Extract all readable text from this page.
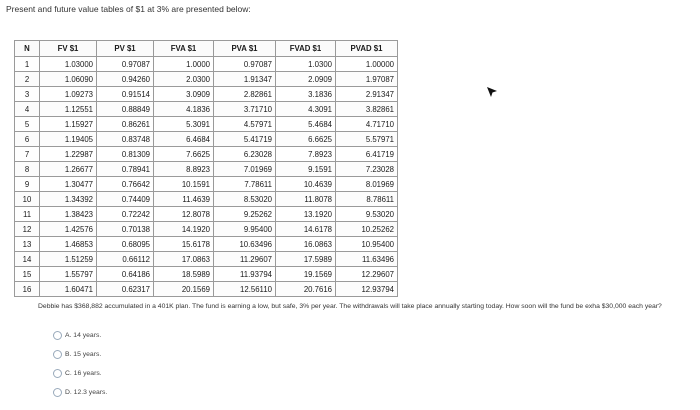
Present and future value tables of $1 at 3% are presented below:
N	FV $1	PV $1	FVA $1	PVA $1	FVAD $1	PVAD $1
1	1.03000	0.97087	1.0000	0.97087	1.0300	1.00000
2	1.06090	0.94260	2.0300	1.91347	2.0909	1.97087
3	1.09273	0.91514	3.0909	2.82861	3.1836	2.91347
4	1.12551	0.88849	4.1836	3.71710	4.3091	3.82861
5	1.15927	0.86261	5.3091	4.57971	5.4684	4.71710
6	1.19405	0.83748	6.4684	5.41719	6.6625	5.57971
7	1.22987	0.81309	7.6625	6.23028	7.8923	6.41719
8	1.26677	0.78941	8.8923	7.01969	9.1591	7.23028
9	1.30477	0.76642	10.1591	7.78611	10.4639	8.01969
10	1.34392	0.74409	11.4639	8.53020	11.8078	8.78611
11	1.38423	0.72242	12.8078	9.25262	13.1920	9.53020
12	1.42576	0.70138	14.1920	9.95400	14.6178	10.25262
13	1.46853	0.68095	15.6178	10.63496	16.0863	10.95400
14	1.51259	0.66112	17.0863	11.29607	17.5989	11.63496
15	1.55797	0.64186	18.5989	11.93794	19.1569	12.29607
16	1.60471	0.62317	20.1569	12.56110	20.7616	12.93794
Debbie has $368,882 accumulated in a 401K plan. The fund is earning a low, but safe, 3% per year. The withdrawals will take place annually starting today. How soon will the fund be exha $30,000 each year?
A. 14 years.
B. 15 years.
C. 16 years.
D. 12.3 years.
